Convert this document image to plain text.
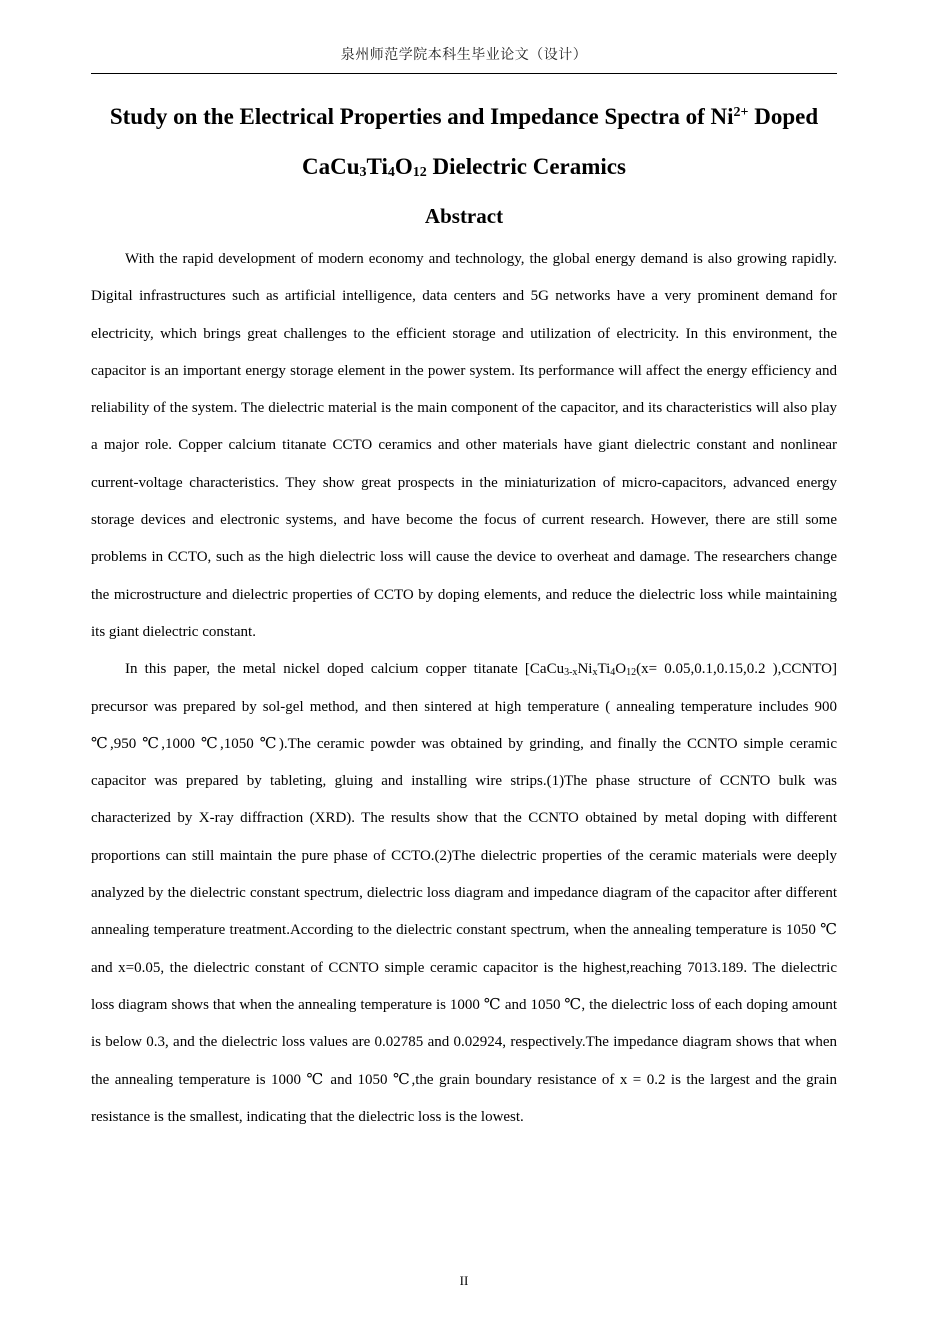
泉州师范学院本科生毕业论文（设计）
Study on the Electrical Properties and Impedance Spectra of $Ni^{2+}$ Doped
$CaCu_3Ti_4O_{12}$ Dielectric Ceramics
Abstract

With the rapid development of modern economy and technology, the global energy demand is also growing rapidly. Digital infrastructures such as artificial intelligence, data centers and 5G networks have a very prominent demand for electricity, which brings great challenges to the efficient storage and utilization of electricity. In this environment, the capacitor is an important energy storage element in the power system. Its performance will affect the energy efficiency and reliability of the system. The dielectric material is the main component of the capacitor, and its characteristics will also play a major role. Copper calcium titanate CCTO ceramics and other materials have giant dielectric constant and nonlinear current-voltage characteristics. They show great prospects in the miniaturization of micro-capacitors, advanced energy storage devices and electronic systems, and have become the focus of current research. However, there are still some problems in CCTO, such as the high dielectric loss will cause the device to overheat and damage. The researchers change the microstructure and dielectric properties of CCTO by doping elements, and reduce the dielectric loss while maintaining its giant dielectric constant.

In this paper, the metal nickel doped calcium copper titanate [$CaCu_{3-x}Ni_xTi_4O_{12}(x= 0.05,0.1,0.15,0.2$ ),CCNTO] precursor was prepared by sol-gel method, and then sintered at high temperature ( annealing temperature includes 900 ℃,950 ℃,1000 ℃,1050 ℃).The ceramic powder was obtained by grinding, and finally the CCNTO simple ceramic capacitor was prepared by tableting, gluing and installing wire strips.(1)The phase structure of CCNTO bulk was characterized by X-ray diffraction (XRD). The results show that the CCNTO obtained by metal doping with different proportions can still maintain the pure phase of CCTO.(2)The dielectric properties of the ceramic materials were deeply analyzed by the dielectric constant spectrum, dielectric loss diagram and impedance diagram of the capacitor after different annealing temperature treatment.According to the dielectric constant spectrum, when the annealing temperature is 1050 ℃ and x=0.05, the dielectric constant of CCNTO simple ceramic capacitor is the highest,reaching 7013.189. The dielectric loss diagram shows that when the annealing temperature is 1000 ℃ and 1050 ℃, the dielectric loss of each doping amount is below 0.3, and the dielectric loss values are 0.02785 and 0.02924, respectively.The impedance diagram shows that when the annealing temperature is 1000 ℃ and 1050 ℃,the grain boundary resistance of x = 0.2 is the largest and the grain resistance is the smallest, indicating that the dielectric loss is the lowest.

II
